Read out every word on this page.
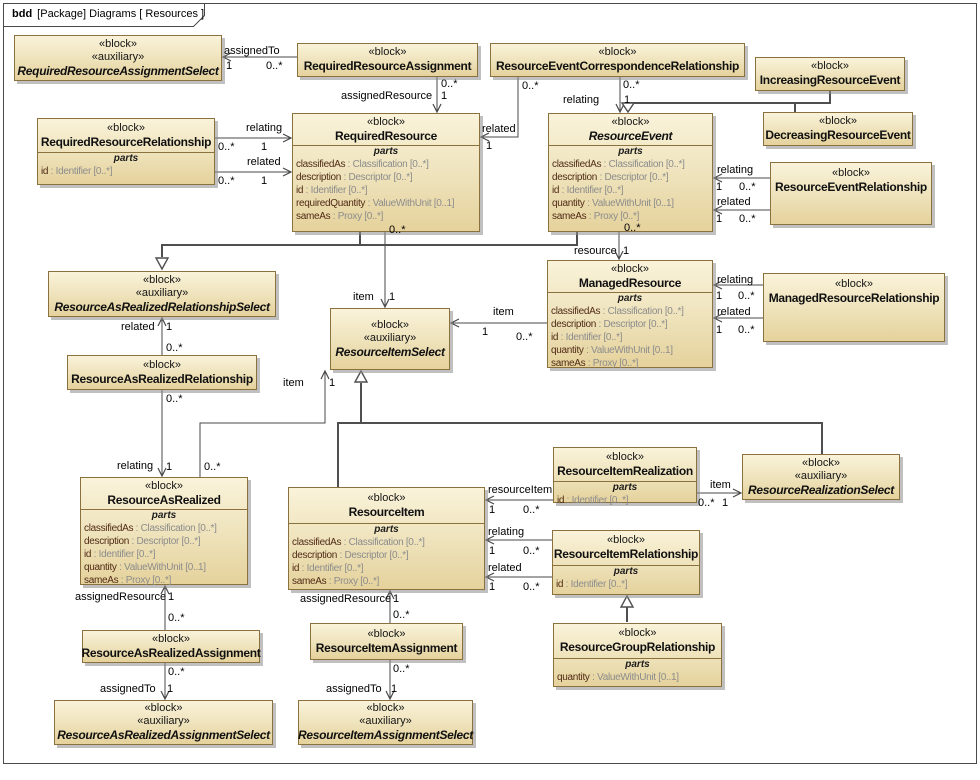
bdd [Package] Diagrams [ Resources ]
«block»
«auxiliary»
RequiredResourceAssignmentSelect
«block»
RequiredResourceAssignment
«block»
ResourceEventCorrespondenceRelationship	«block»
IncreasingResourceEvent
«block»
DecreasingResourceEvent
«block»
RequiredResourceRelationship
parts
id : Identifier [0..*]
«block»
RequiredResource
parts
classifiedAs : Classification [0..*]
description : Descriptor [0..*]
id : Identifier [0..*]
requiredQuantity : ValueWithUnit [0..1]
sameAs : Proxy [0..*]
«block»
ResourceEvent
parts
classifiedAs : Classification [0..*]
description : Descriptor [0..*]
id : Identifier [0..*]
quantity : ValueWithUnit [0..1]
sameAs : Proxy [0..*]
«block»
ResourceEventRelationship
«block»
«auxiliary»
ResourceAsRealizedRelationshipSelect
«block»
ManagedResource
parts
classifiedAs : Classification [0..*]
description : Descriptor [0..*]
id : Identifier [0..*]
quantity : ValueWithUnit [0..1]
sameAs : Proxy [0..*]
«block»
ManagedResourceRelationship
«block»
«auxiliary»
ResourceItemSelect
«block»
ResourceAsRealizedRelationship
«block»
ResourceAsRealized
parts
classifiedAs : Classification [0..*]
description : Descriptor [0..*]
id : Identifier [0..*]
quantity : ValueWithUnit [0..1]
sameAs : Proxy [0..*]
«block»
ResourceItem
parts
classifiedAs : Classification [0..*]
description : Descriptor [0..*]
id : Identifier [0..*]
sameAs : Proxy [0..*]
«block»
ResourceItemRealization
parts
id : Identifier [0..*]
«block»
«auxiliary»
ResourceRealizationSelect
«block»
ResourceItemRelationship
parts
id : Identifier [0..*]
«block»
ResourceGroupRelationship
parts
quantity : ValueWithUnit [0..1]
«block»
ResourceAsRealizedAssignment
«block»
ResourceItemAssignment
«block»
«auxiliary»
ResourceAsRealizedAssignmentSelect
«block»
«auxiliary»
ResourceItemAssignmentSelect
assignedTo
1	0..*
assignedResource 1
0..*
relating
0..* 1
related
0..* 1
0..*
related
1
relating 1
0..*
relating
1 0..*
related
1 0..*
resource 1
0..*
item 1
0..*
item
1	0..*
related 1
0..*
0..*
relating 1
item 1
0..*
resourceItem
1	0..*
relating
1	0..*
related
1	0..*
item
0..* 1
assignedResource 1
0..*
0..*
assignedTo 1
assignedResource 1
0..*
0..*
assignedTo 1
relating
1 0..*
related
1 0..*
